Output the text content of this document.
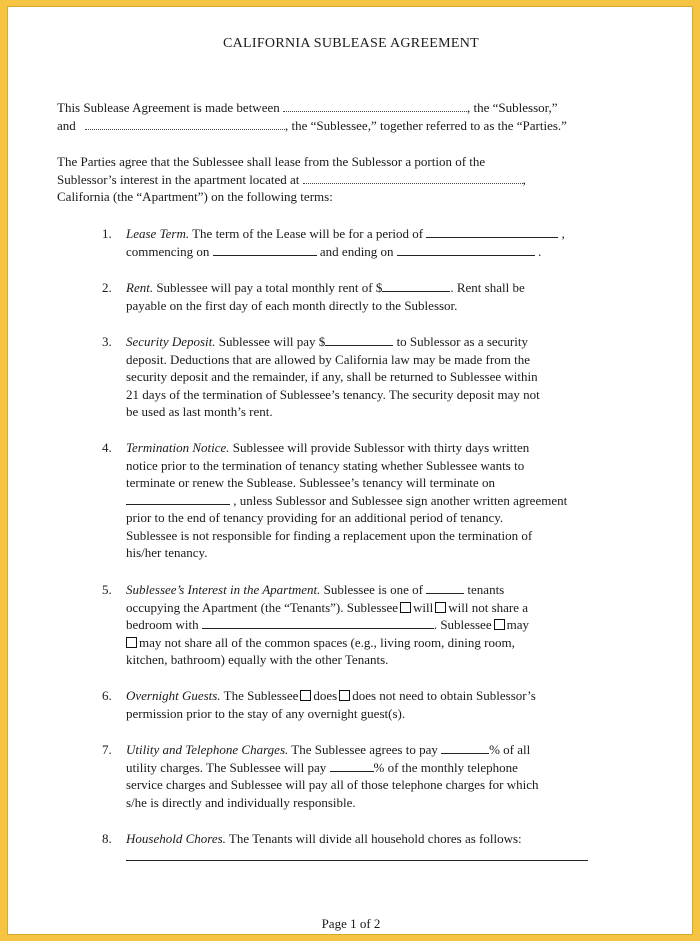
CALIFORNIA SUBLEASE AGREEMENT
This Sublease Agreement is made between	, the “Sublessor,”
and	, the “Sublessee,” together referred to as the “Parties.”
The Parties agree that the Sublessee shall lease from the Sublessor a portion of the
Sublessor’s interest in the apartment located at	,
California (the “Apartment”) on the following terms:
1. Lease Term. The term of the Lease will be for a period of	,
commencing on	and ending on	.
2. Rent. Sublessee will pay a total monthly rent of $	. Rent shall be
payable on the first day of each month directly to the Sublessor.
3. Security Deposit. Sublessee will pay $	to Sublessor as a security
deposit. Deductions that are allowed by California law may be made from the
security deposit and the remainder, if any, shall be returned to Sublessee within
21 days of the termination of Sublessee’s tenancy. The security deposit may not
be used as last month’s rent.
4. Termination Notice. Sublessee will provide Sublessor with thirty days written
notice prior to the termination of tenancy stating whether Sublessee wants to
terminate or renew the Sublease. Sublessee’s tenancy will terminate on
, unless Sublessor and Sublessee sign another written agreement
prior to the end of tenancy providing for an additional period of tenancy.
Sublessee is not responsible for finding a replacement upon the termination of
his/her tenancy.
5. Sublessee’s Interest in the Apartment. Sublessee is one of	tenants
occupying the Apartment (the “Tenants”). Sublessee will will not share a
bedroom with	. Sublessee may
may not share all of the common spaces (e.g., living room, dining room,
kitchen, bathroom) equally with the other Tenants.
6. Overnight Guests. The Sublessee does does not need to obtain Sublessor’s
permission prior to the stay of any overnight guest(s).
7. Utility and Telephone Charges. The Sublessee agrees to pay	% of all
utility charges. The Sublessee will pay	% of the monthly telephone
service charges and Sublessee will pay all of those telephone charges for which
s/he is directly and individually responsible.
8. Household Chores. The Tenants will divide all household chores as follows:
Page 1 of 2
